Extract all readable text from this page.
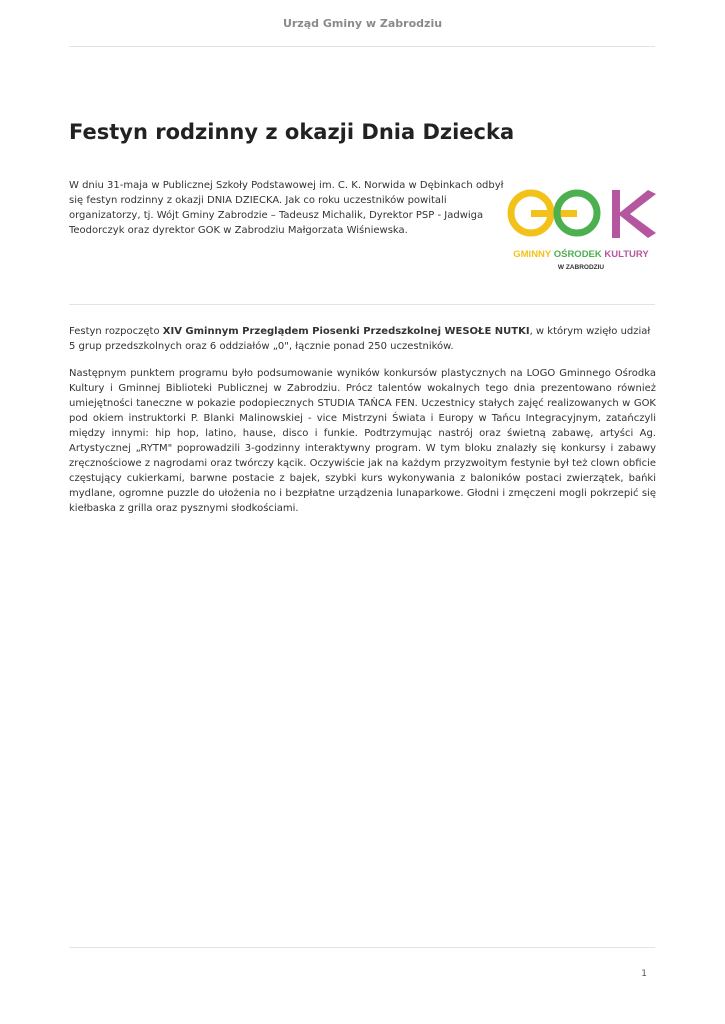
Urząd Gminy w Zabrodziu
Festyn rodzinny z okazji Dnia Dziecka

W dniu 31-maja w Publicznej Szkoły Podstawowej im. C. K. Norwida w Dębinkach odbył się festyn rodzinny z okazji DNIA DZIECKA. Jak co roku uczestników powitali organizatorzy, tj. Wójt Gminy Zabrodzie – Tadeusz Michalik, Dyrektor PSP - Jadwiga Teodorczyk oraz dyrektor GOK w Zabrodziu Małgorzata Wiśniewska.

GMINNY OŚRODEK KULTURY
W ZABRODZIU

Festyn rozpoczęto XIV Gminnym Przeglądem Piosenki Przedszkolnej WESOŁE NUTKI, w którym wzięło udział 5 grup przedszkolnych oraz 6 oddziałów „0", łącznie ponad 250 uczestników.

Następnym punktem programu było podsumowanie wyników konkursów plastycznych na LOGO Gminnego Ośrodka Kultury i Gminnej Biblioteki Publicznej w Zabrodziu. Prócz talentów wokalnych tego dnia prezentowano również umiejętności taneczne w pokazie podopiecznych STUDIA TAŃCA FEN. Uczestnicy stałych zajęć realizowanych w GOK pod okiem instruktorki P. Blanki Malinowskiej - vice Mistrzyni Świata i Europy w Tańcu Integracyjnym, zatańczyli między innymi: hip hop, latino, hause, disco i funkie. Podtrzymując nastrój oraz świetną zabawę, artyści Ag. Artystycznej „RYTM" poprowadzili 3-godzinny interaktywny program. W tym bloku znalazły się konkursy i zabawy zręcznościowe z nagrodami oraz twórczy kącik. Oczywiście jak na każdym przyzwoitym festynie był też clown obficie częstujący cukierkami, barwne postacie z bajek, szybki kurs wykonywania z baloników postaci zwierzątek, bańki mydlane, ogromne puzzle do ułożenia no i bezpłatne urządzenia lunaparkowe. Głodni i zmęczeni mogli pokrzepić się kiełbaska z grilla oraz pysznymi słodkościami.

1
